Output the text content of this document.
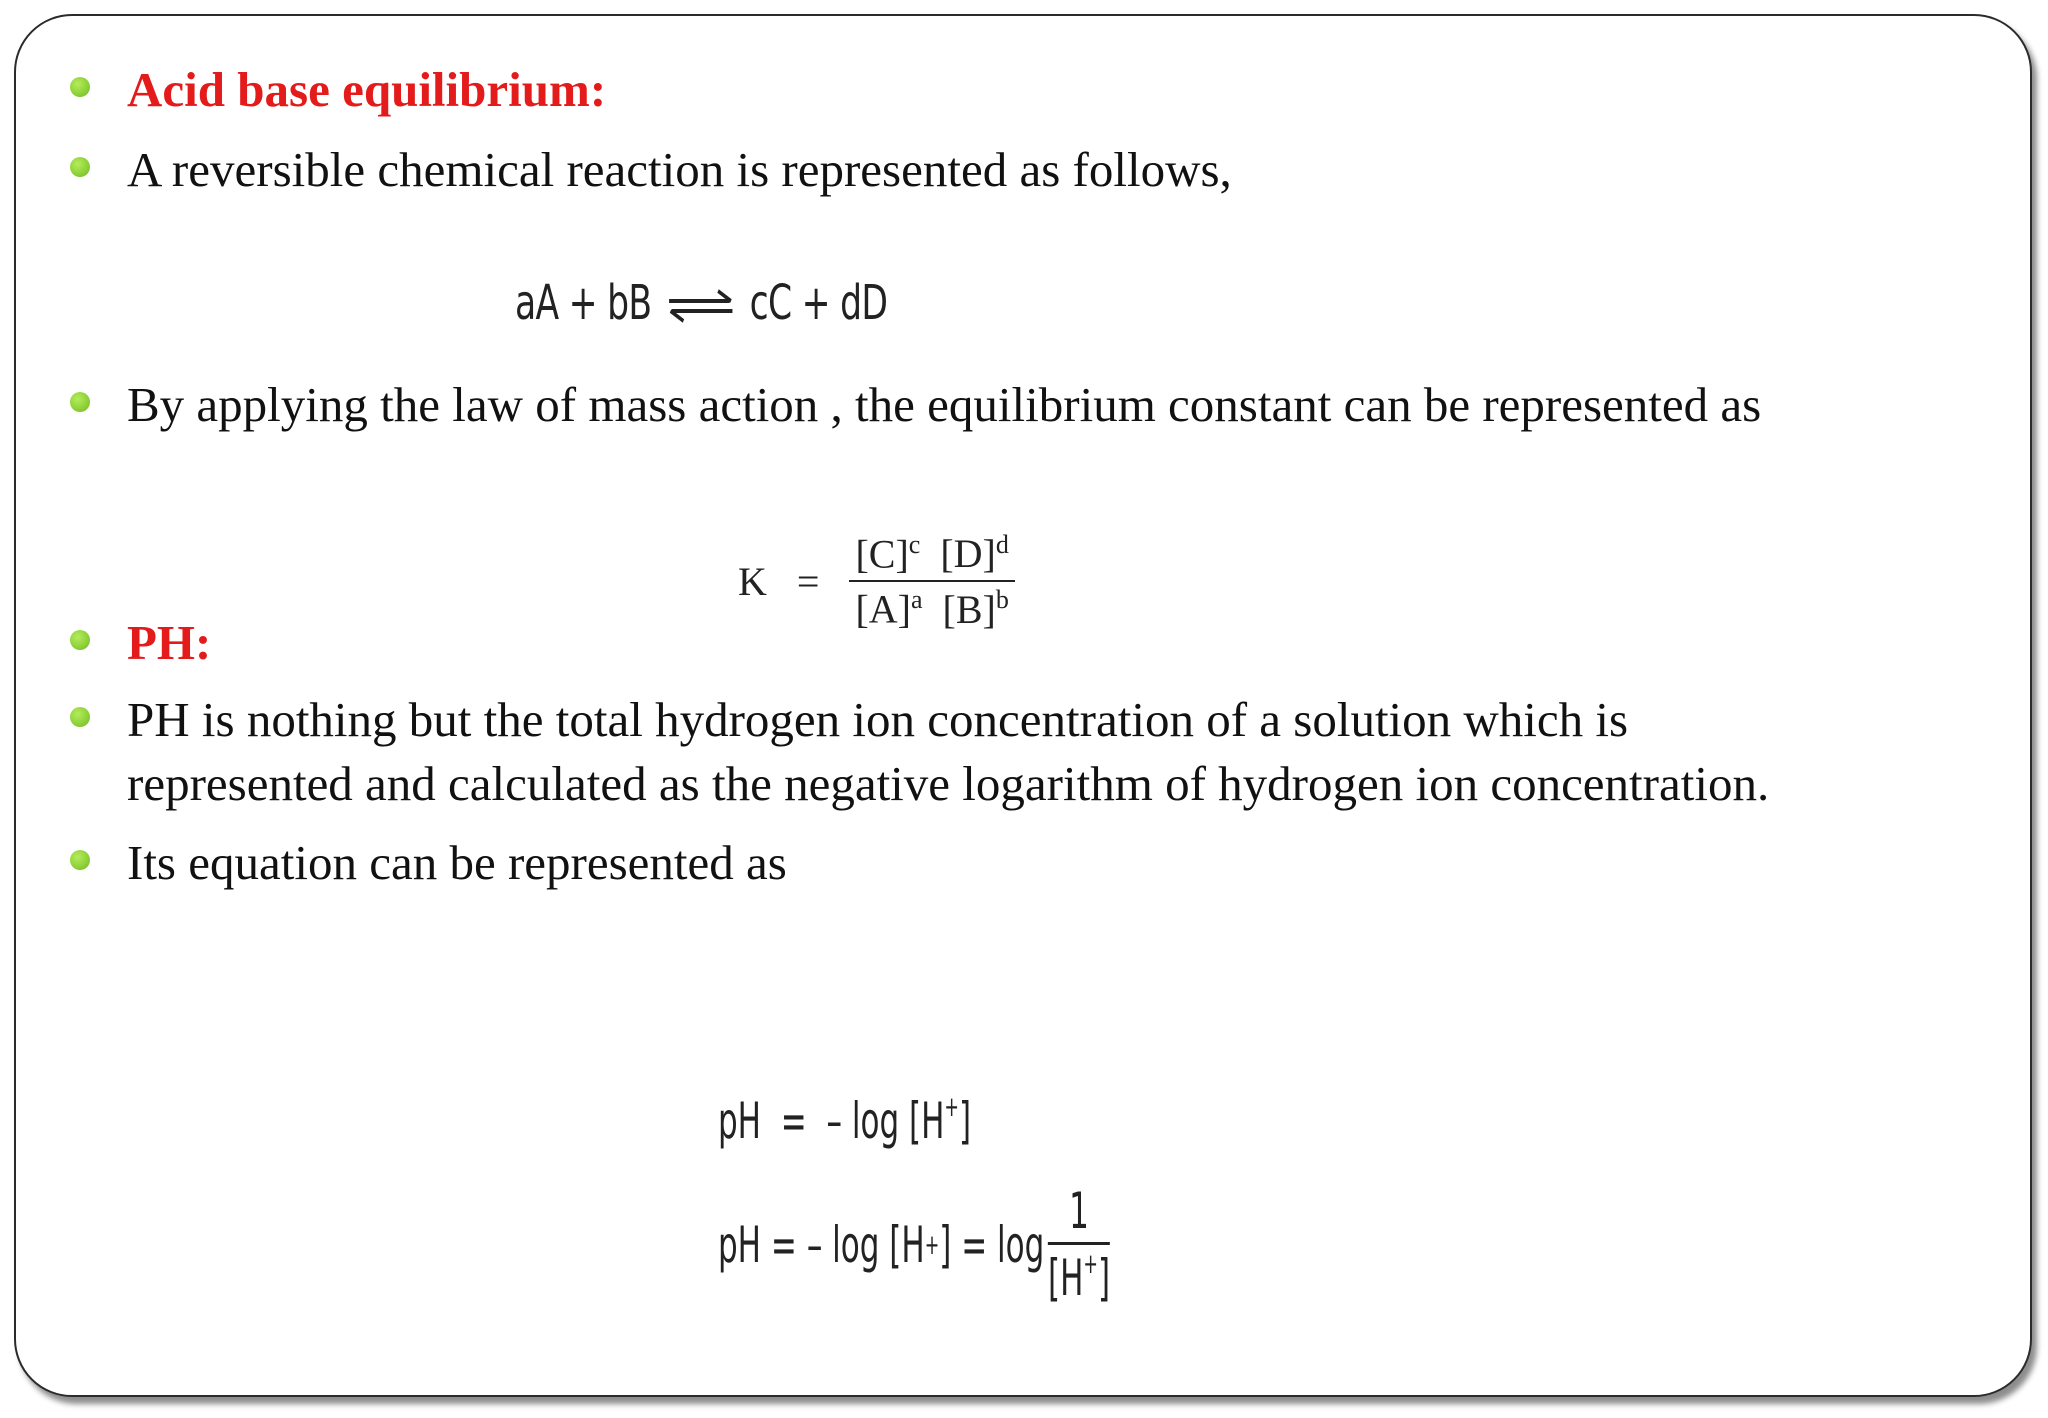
Acid base equilibrium:
A reversible chemical reaction is represented as follows,
aA + bB ⇌ cC + dD
By applying the law of mass action , the equilibrium constant can be represented as
$K = \frac{[C]^c [D]^d}{[A]^a [B]^b}$
PH:
PH is nothing but the total hydrogen ion concentration of a solution which is
represented and calculated as the negative logarithm of hydrogen ion concentration.
Its equation can be represented as
pH = – log [H+]
pH = – log [H + ] = log
1
[H+]
